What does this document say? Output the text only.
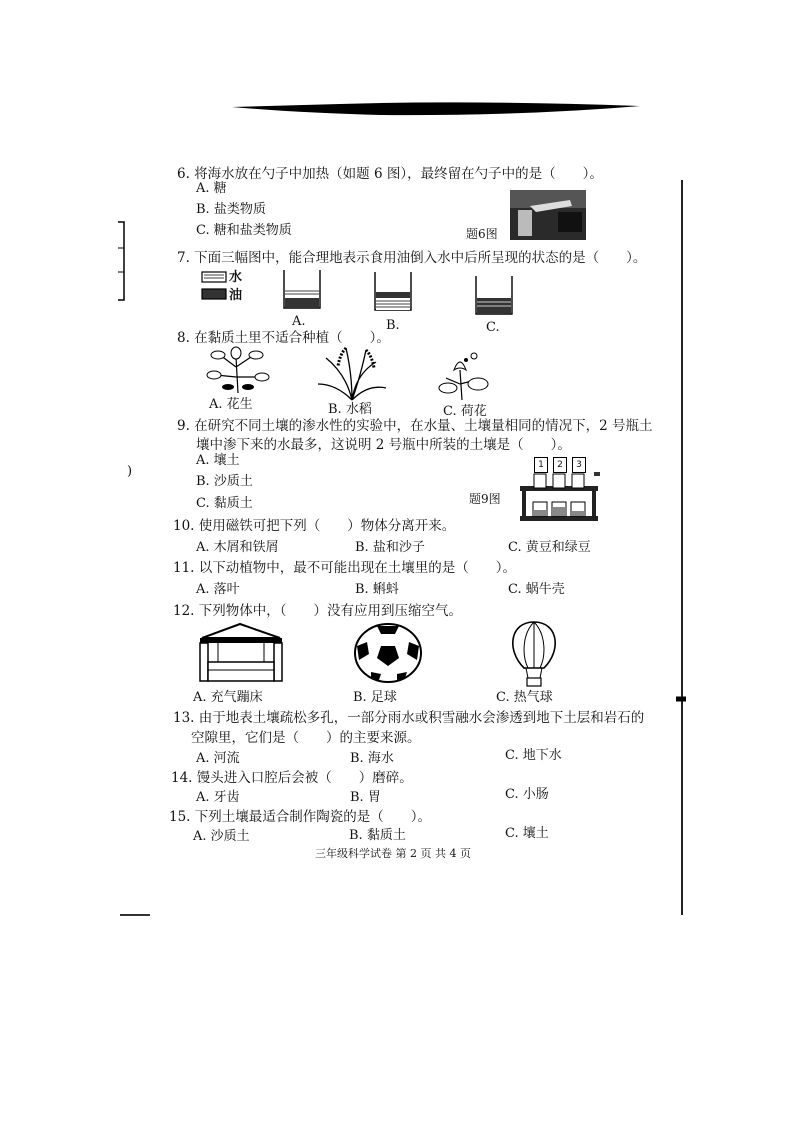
)
6. 将海水放在勺子中加热（如题 6 图），最终留在勺子中的是（　　）。
A. 糖
B. 盐类物质
C. 糖和盐类物质	题6图
7. 下面三幅图中，能合理地表示食用油倒入水中后所呈现的状态的是（　　）。
水
油
A.	B.	C.
8. 在黏质土里不适合种植（　　）。
A. 花生	B. 水稻	C. 荷花
9. 在研究不同土壤的渗水性的实验中，在水量、土壤量相同的情况下，2 号瓶土
壤中渗下来的水最多，这说明 2 号瓶中所装的土壤是（　　）。
A. 壤土
B. 沙质土
C. 黏质土	题9图
1	2	3
10. 使用磁铁可把下列（　　）物体分离开来。
A. 木屑和铁屑	B. 盐和沙子	C. 黄豆和绿豆
11. 以下动植物中，最不可能出现在土壤里的是（　　）。
A. 落叶	B. 蝌蚪	C. 蜗牛壳
12. 下列物体中，（　　）没有应用到压缩空气。
A. 充气蹦床	B. 足球	C. 热气球
13. 由于地表土壤疏松多孔，一部分雨水或积雪融水会渗透到地下土层和岩石的
空隙里，它们是（　　）的主要来源。
A. 河流	B. 海水	C. 地下水
14. 馒头进入口腔后会被（　　）磨碎。
A. 牙齿	B. 胃	C. 小肠
15. 下列土壤最适合制作陶瓷的是（　　）。
A. 沙质土	B. 黏质土	C. 壤土
三年级科学试卷 第 2 页 共 4 页
